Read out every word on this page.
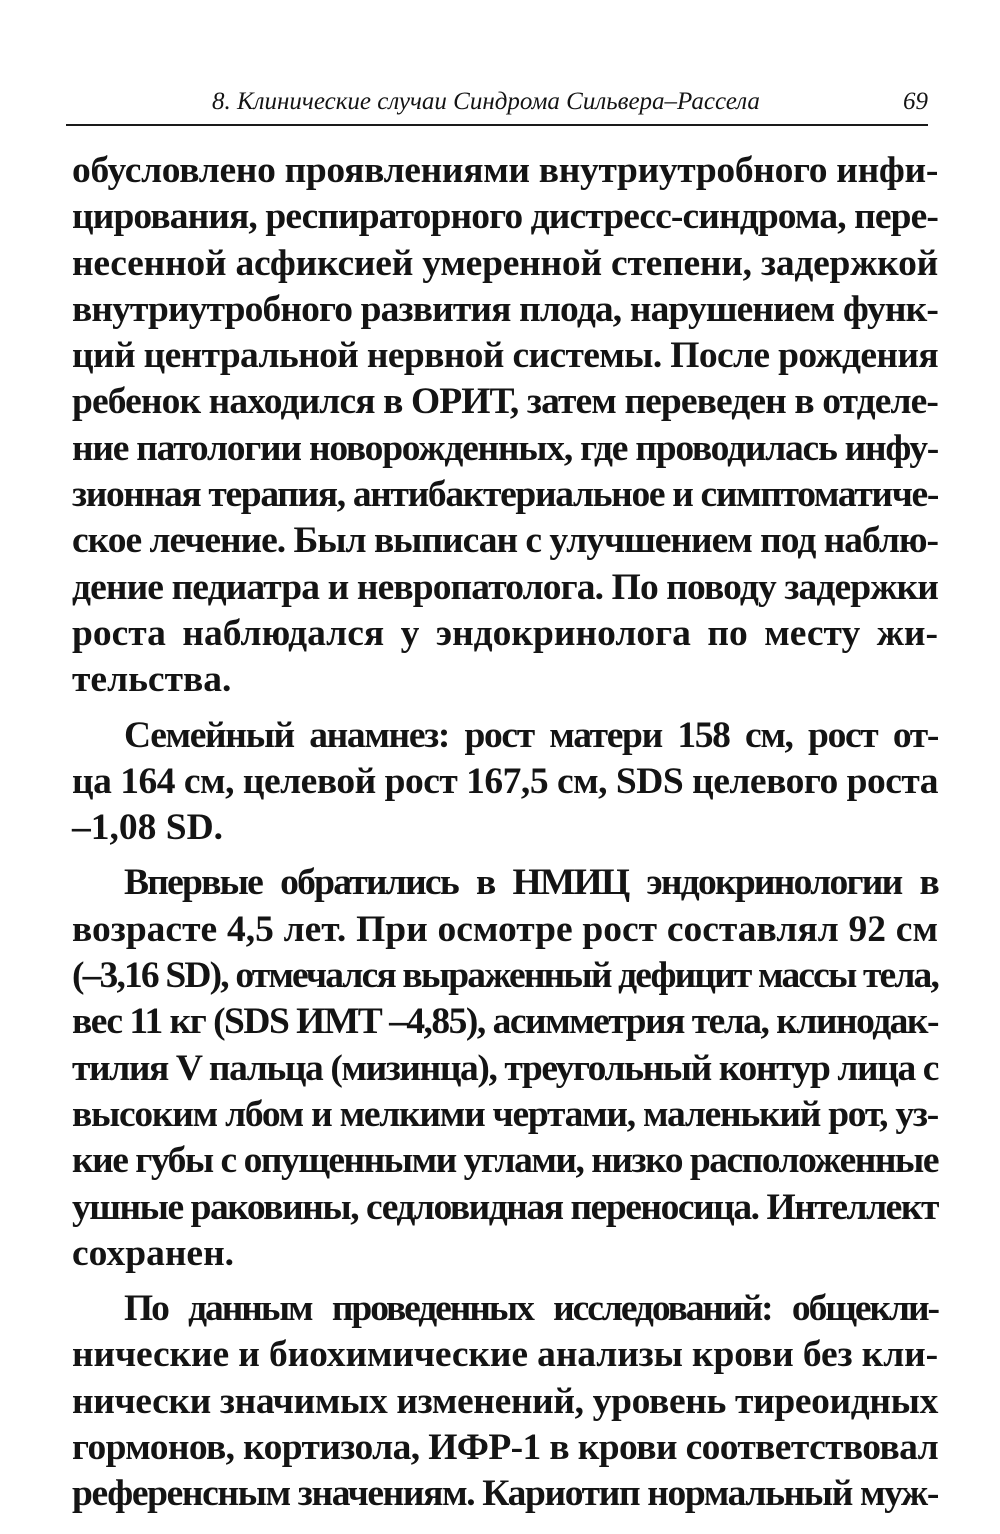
8. Клинические случаи Синдрома Сильвера–Рассела	69

обусловлено проявлениями внутриутробного инфи-
цирования, респираторного дистресс-синдрома, пере-
несенной асфиксией умеренной степени, задержкой
внутриутробного развития плода, нарушением функ-
ций центральной нервной системы. После рождения
ребенок находился в ОРИТ, затем переведен в отделе-
ние патологии новорожденных, где проводилась инфу-
зионная терапия, антибактериальное и симптоматиче-
ское лечение. Был выписан с улучшением под наблю-
дение педиатра и невропатолога. По поводу задержки
роста наблюдался у эндокринолога по месту жи-
тельства.

Семейный анамнез: рост матери 158 см, рост от-
ца 164 см, целевой рост 167,5 см, SDS целевого роста
–1,08 SD.

Впервые обратились в НМИЦ эндокринологии в
возрасте 4,5 лет. При осмотре рост составлял 92 см
(–3,16 SD), отмечался выраженный дефицит массы тела,
вес 11 кг (SDS ИМТ –4,85), асимметрия тела, клинодак-
тилия V пальца (мизинца), треугольный контур лица с
высоким лбом и мелкими чертами, маленький рот, уз-
кие губы с опущенными углами, низко расположенные
ушные раковины, седловидная переносица. Интеллект
сохранен.

По данным проведенных исследований: общекли-
нические и биохимические анализы крови без кли-
нически значимых изменений, уровень тиреоидных
гормонов, кортизола, ИФР-1 в крови соответствовал
референсным значениям. Кариотип нормальный муж-
